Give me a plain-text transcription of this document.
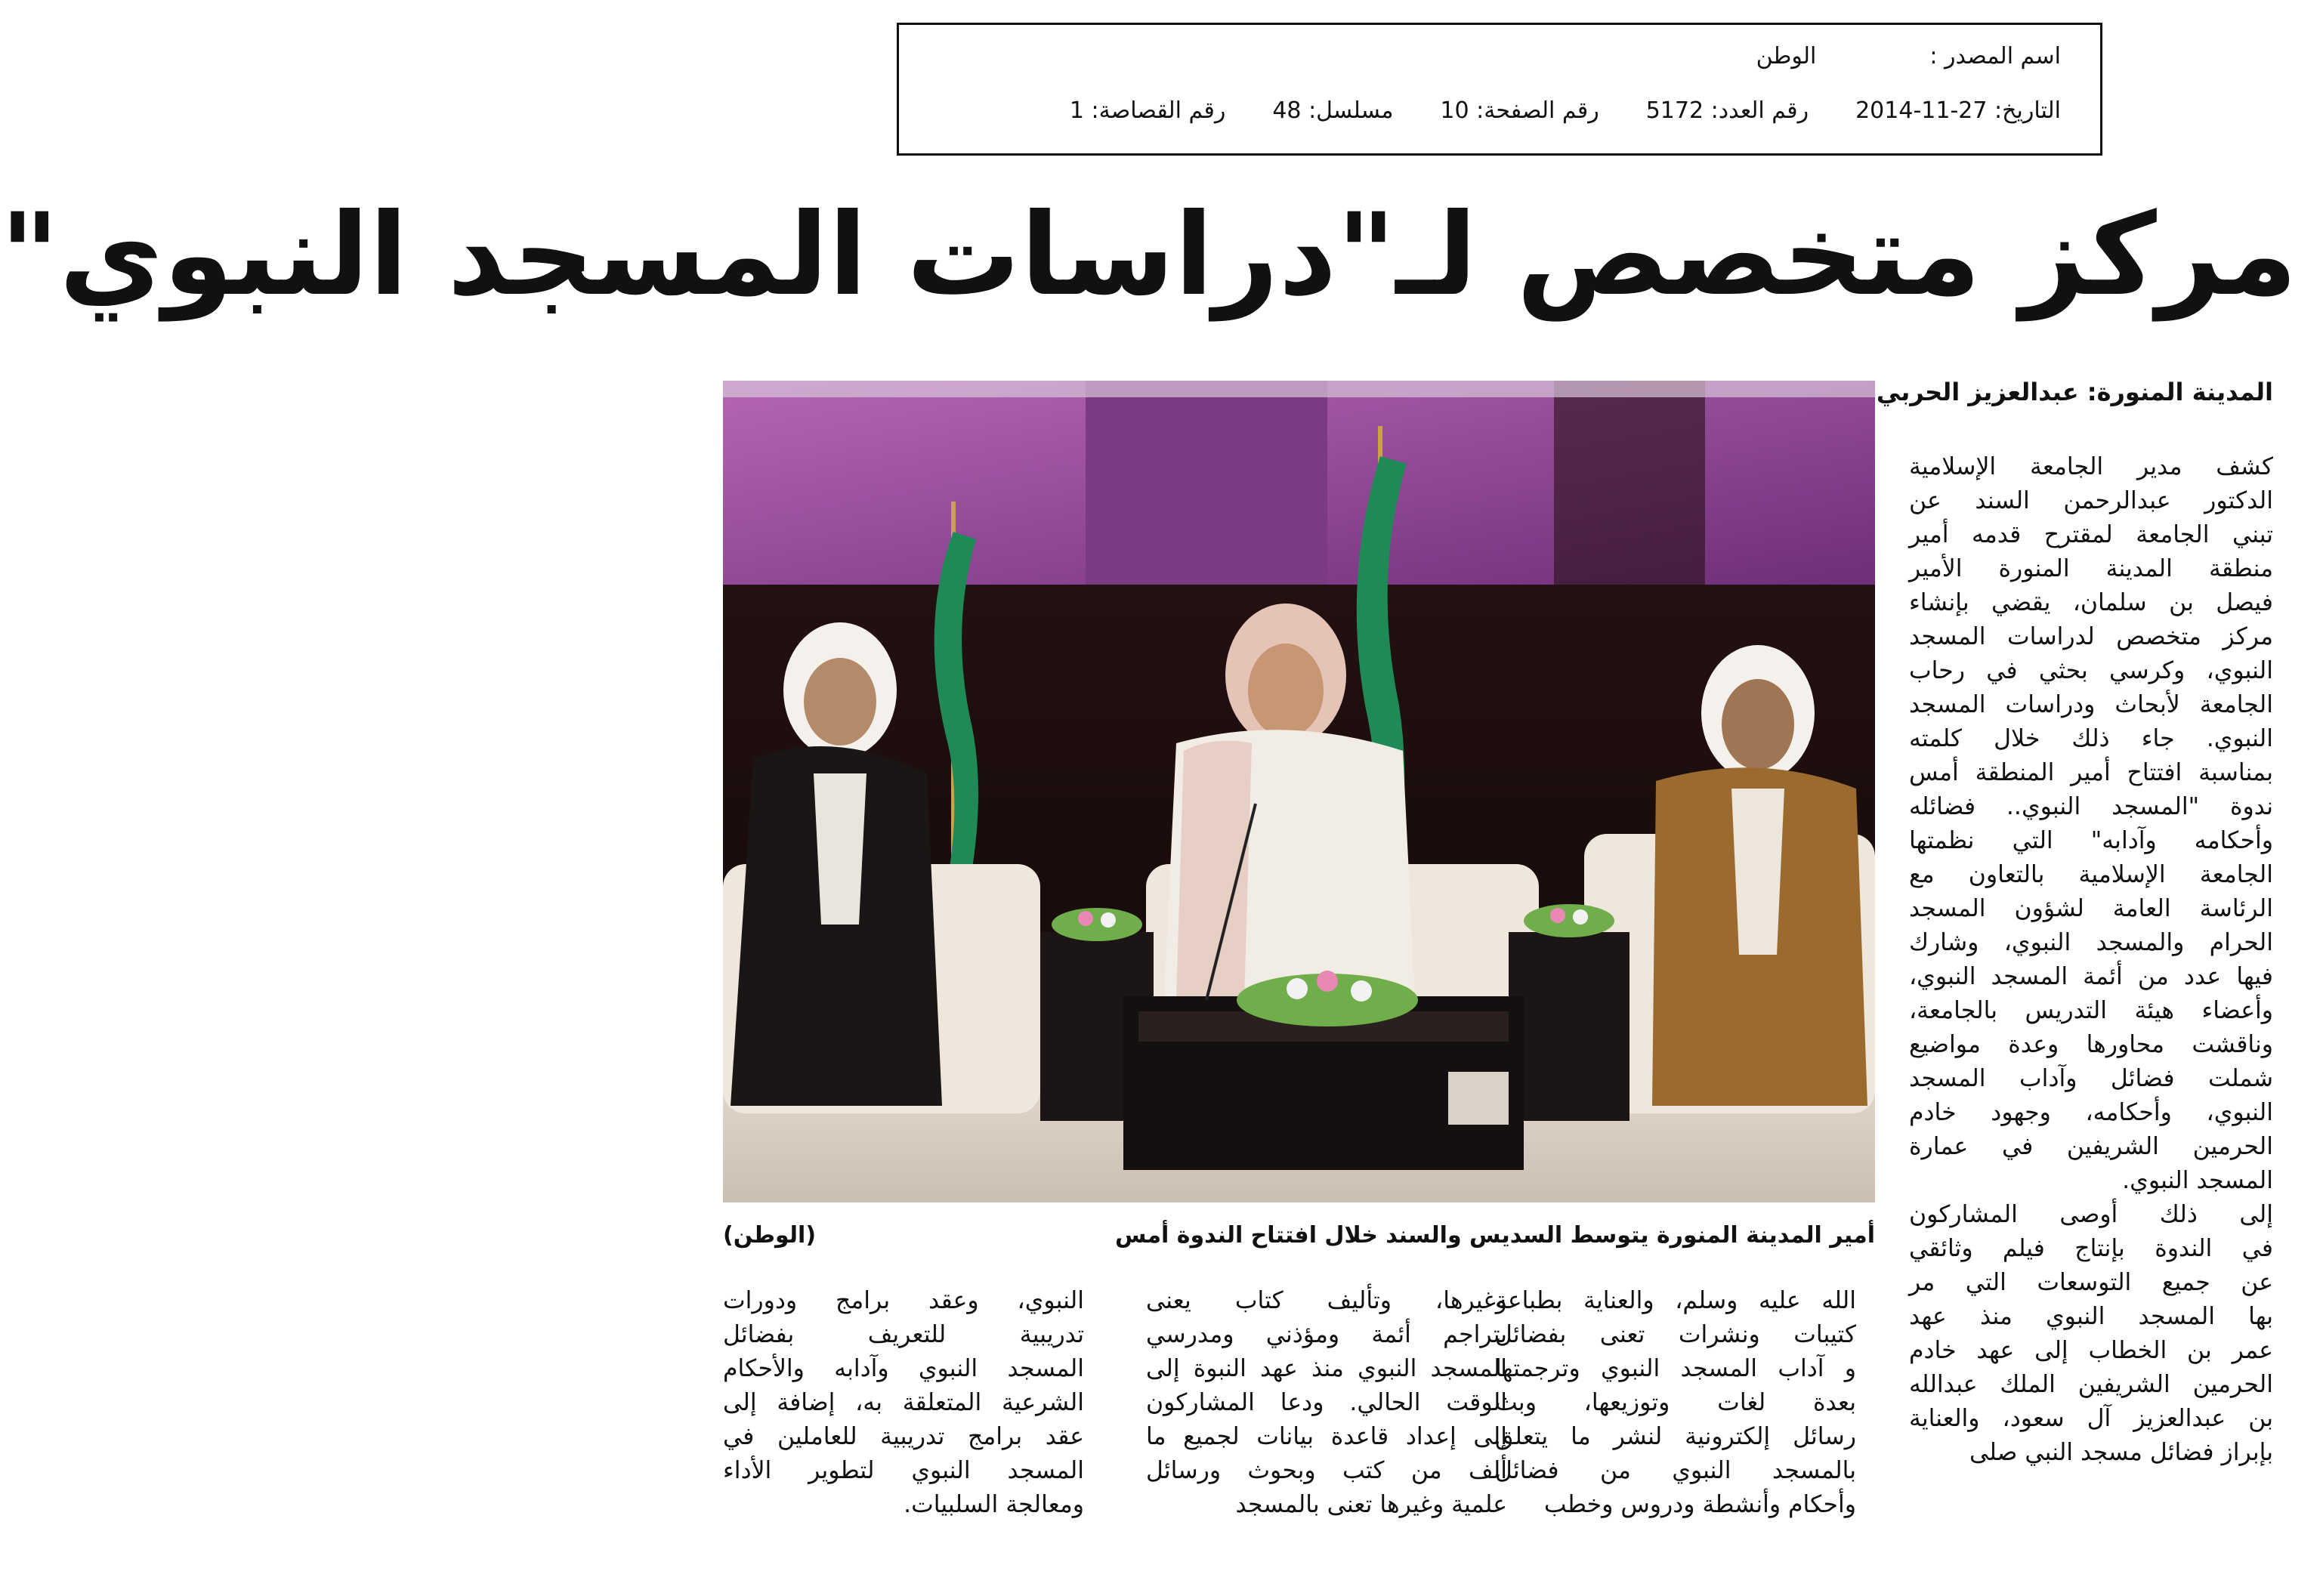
اسم المصدر :
الوطن
التاريخ: 27-11-2014
رقم العدد: 5172
رقم الصفحة: 10
مسلسل: 48
رقم القصاصة: 1
مركز متخصص لـ"دراسات المسجد النبوي"
أمير المدينة المنورة يتوسط السديس والسند خلال افتتاح الندوة أمس
(الوطن)
المدينة المنورة: عبدالعزيز الحربي
كشف مدير الجامعة الإسلامية
الدكتور عبدالرحمن السند عن
تبني الجامعة لمقترح قدمه أمير
منطقة المدينة المنورة الأمير
فيصل بن سلمان، يقضي بإنشاء
مركز متخصص لدراسات المسجد
النبوي، وكرسي بحثي في رحاب
الجامعة لأبحاث ودراسات المسجد
النبوي. جاء ذلك خلال كلمته
بمناسبة افتتاح أمير المنطقة أمس
ندوة "المسجد النبوي.. فضائله
وأحكامه وآدابه" التي نظمتها
الجامعة الإسلامية بالتعاون مع
الرئاسة العامة لشؤون المسجد
الحرام والمسجد النبوي، وشارك
فيها عدد من أئمة المسجد النبوي،
وأعضاء هيئة التدريس بالجامعة،
وناقشت محاورها وعدة مواضيع
شملت فضائل وآداب المسجد
النبوي، وأحكامه، وجهود خادم
الحرمين الشريفين في عمارة
المسجد النبوي.
إلى ذلك أوصى المشاركون
في الندوة بإنتاج فيلم وثائقي
عن جميع التوسعات التي مر
بها المسجد النبوي منذ عهد
عمر بن الخطاب إلى عهد خادم
الحرمين الشريفين الملك عبدالله
بن عبدالعزيز آل سعود، والعناية
بإبراز فضائل مسجد النبي صلى
الله عليه وسلم، والعناية بطباعة
كتيبات ونشرات تعنى بفضائل
و آداب المسجد النبوي وترجمتها
بعدة لغات وتوزيعها، وبث
رسائل إلكترونية لنشر ما يتعلق
بالمسجد النبوي من فضائل
وأحكام وأنشطة ودروس وخطب
وغيرها، وتأليف كتاب يعنى
بتراجم أئمة ومؤذني ومدرسي
المسجد النبوي منذ عهد النبوة إلى
الوقت الحالي. ودعا المشاركون
إلى إعداد قاعدة بيانات لجميع ما
ألف من كتب وبحوث ورسائل
علمية وغيرها تعنى بالمسجد
النبوي، وعقد برامج ودورات
تدريبية للتعريف بفضائل
المسجد النبوي وآدابه والأحكام
الشرعية المتعلقة به، إضافة إلى
عقد برامج تدريبية للعاملين في
المسجد النبوي لتطوير الأداء
ومعالجة السلبيات.
